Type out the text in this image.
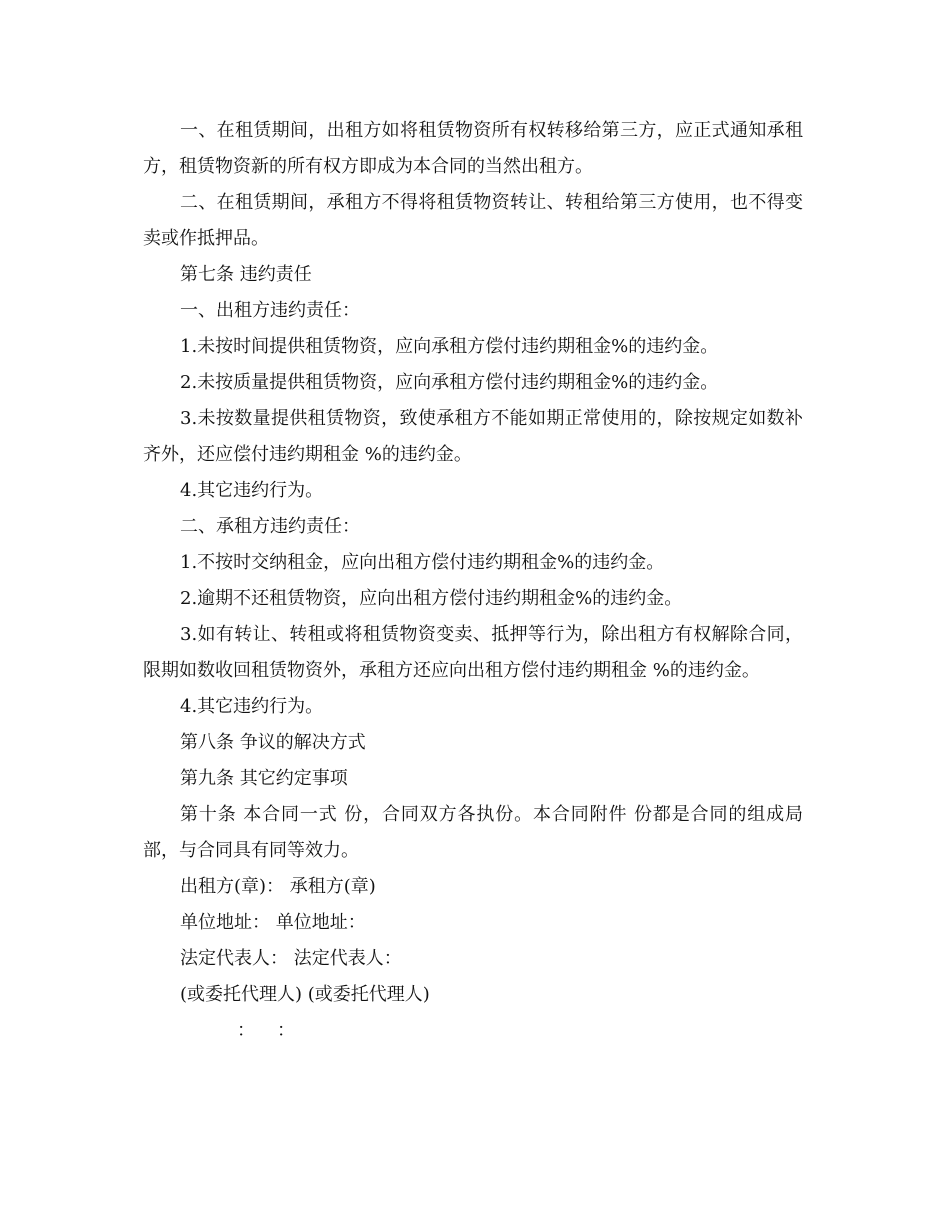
一、在租赁期间，出租方如将租赁物资所有权转移给第三方，应正式通知承租方，租赁物资新的所有权方即成为本合同的当然出租方。

二、在租赁期间，承租方不得将租赁物资转让、转租给第三方使用，也不得变卖或作抵押品。

第七条 违约责任

一、出租方违约责任：

1.未按时间提供租赁物资，应向承租方偿付违约期租金%的违约金。

2.未按质量提供租赁物资，应向承租方偿付违约期租金%的违约金。

3.未按数量提供租赁物资，致使承租方不能如期正常使用的，除按规定如数补齐外，还应偿付违约期租金 %的违约金。

4.其它违约行为。

二、承租方违约责任：

1.不按时交纳租金，应向出租方偿付违约期租金%的违约金。

2.逾期不还租赁物资，应向出租方偿付违约期租金%的违约金。

3.如有转让、转租或将租赁物资变卖、抵押等行为，除出租方有权解除合同，限期如数收回租赁物资外，承租方还应向出租方偿付违约期租金 %的违约金。

4.其它违约行为。

第八条 争议的解决方式

第九条 其它约定事项

第十条 本合同一式 份，合同双方各执份。本合同附件 份都是合同的组成局部，与合同具有同等效力。

出租方(章)： 承租方(章)

单位地址： 单位地址：

法定代表人： 法定代表人：

(或委托代理人) (或委托代理人)

： ：
